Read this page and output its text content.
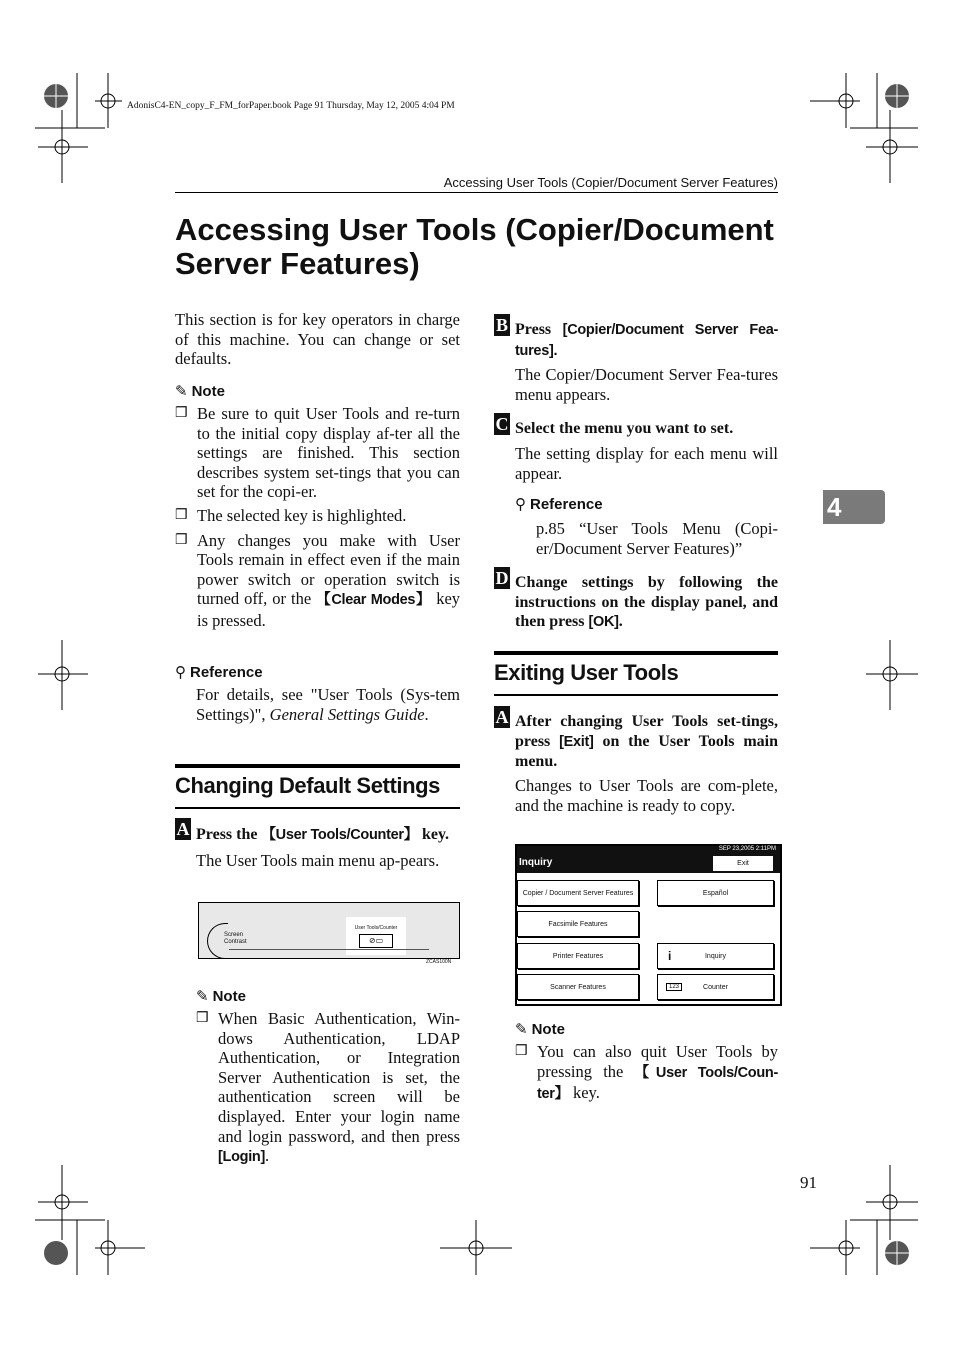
AdonisC4-EN_copy_F_FM_forPaper.book Page 91 Thursday, May 12, 2005 4:04 PM
Accessing User Tools (Copier/Document Server Features)
Accessing User Tools (Copier/Document Server Features)
4
This section is for key operators in charge of this machine. You can change or set defaults.
✎ Note
❒ Be sure to quit User Tools and re-turn to the initial copy display af-ter all the settings are finished. This section describes system set-tings that you can set for the copi-er.
❒ The selected key is highlighted.
❒ Any changes you make with User Tools remain in effect even if the main power switch or operation switch is turned off, or the 【Clear Modes】 key is pressed.
⚲ Reference
For details, see "User Tools (Sys-tem Settings)", General Settings Guide.
Changing Default Settings
A Press the 【User Tools/Counter】 key.
The User Tools main menu ap-pears.
Screen Contrast
User Tools/Counter
⊘▭
ZCAS100N
✎ Note
❒ When Basic Authentication, Win-dows Authentication, LDAP Authentication, or Integration Server Authentication is set, the authentication screen will be displayed. Enter your login name and login password, and then press [Login].
B Press [Copier/Document Server Fea-tures].
The Copier/Document Server Fea-tures menu appears.
C Select the menu you want to set.
The setting display for each menu will appear.
⚲ Reference
p.85 “User Tools Menu (Copi-er/Document Server Features)”
D Change settings by following the instructions on the display panel, and then press [OK].
Exiting User Tools
A After changing User Tools set-tings, press [Exit] on the User Tools main menu.
Changes to User Tools are com-plete, and the machine is ready to copy.
Inquiry
SEP 23,2005 2:11PM
Exit
Copier / Document Server Features
Facsimile Features
Printer Features
Scanner Features
Español
i	Inquiry
123	Counter
✎ Note
❒ You can also quit User Tools by pressing the 【User Tools/Coun-ter】 key.
91
